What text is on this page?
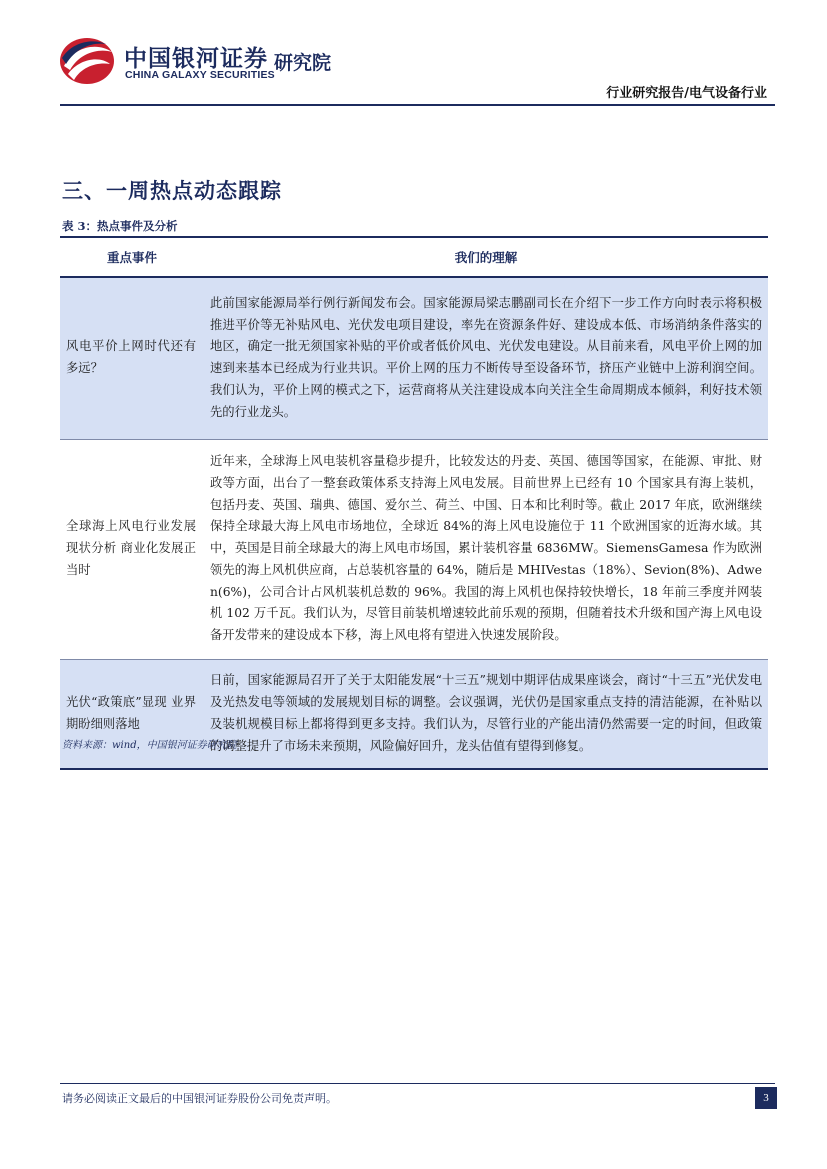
中国银河证券
CHINA GALAXY SECURITIES
研究院
行业研究报告/电气设备行业
三、一周热点动态跟踪
表 3：热点事件及分析
重点事件	我们的理解
风电平价上网时代还有多远？	此前国家能源局举行例行新闻发布会。国家能源局梁志鹏副司长在介绍下一步工作方向时表示将积极推进平价等无补贴风电、光伏发电项目建设，率先在资源条件好、建设成本低、市场消纳条件落实的地区，确定一批无须国家补贴的平价或者低价风电、光伏发电建设。从目前来看，风电平价上网的加速到来基本已经成为行业共识。平价上网的压力不断传导至设备环节，挤压产业链中上游利润空间。我们认为，平价上网的模式之下，运营商将从关注建设成本向关注全生命周期成本倾斜，利好技术领先的行业龙头。
全球海上风电行业发展现状分析 商业化发展正当时	近年来，全球海上风电装机容量稳步提升，比较发达的丹麦、英国、德国等国家，在能源、审批、财政等方面，出台了一整套政策体系支持海上风电发展。目前世界上已经有 10 个国家具有海上装机，包括丹麦、英国、瑞典、德国、爱尔兰、荷兰、中国、日本和比利时等。截止 2017 年底，欧洲继续保持全球最大海上风电市场地位，全球近 84%的海上风电设施位于 11 个欧洲国家的近海水域。其中，英国是目前全球最大的海上风电市场国，累计装机容量 6836MW。SiemensGamesa 作为欧洲领先的海上风机供应商，占总装机容量的 64%，随后是 MHIVestas（18%）、Sevion(8%)、Adwen(6%)，公司合计占风机装机总数的 96%。我国的海上风机也保持较快增长，18 年前三季度并网装机 102 万千瓦。我们认为，尽管目前装机增速较此前乐观的预期，但随着技术升级和国产海上风电设备开发带来的建设成本下移，海上风电将有望进入快速发展阶段。
光伏“政策底”显现 业界期盼细则落地	日前，国家能源局召开了关于太阳能发展“十三五”规划中期评估成果座谈会，商讨“十三五”光伏发电及光热发电等领域的发展规划目标的调整。会议强调，光伏仍是国家重点支持的清洁能源，在补贴以及装机规模目标上都将得到更多支持。我们认为，尽管行业的产能出清仍然需要一定的时间，但政策的调整提升了市场未来预期，风险偏好回升，龙头估值有望得到修复。
资料来源：wind，中国银河证券研究院
请务必阅读正文最后的中国银河证券股份公司免责声明。	3
